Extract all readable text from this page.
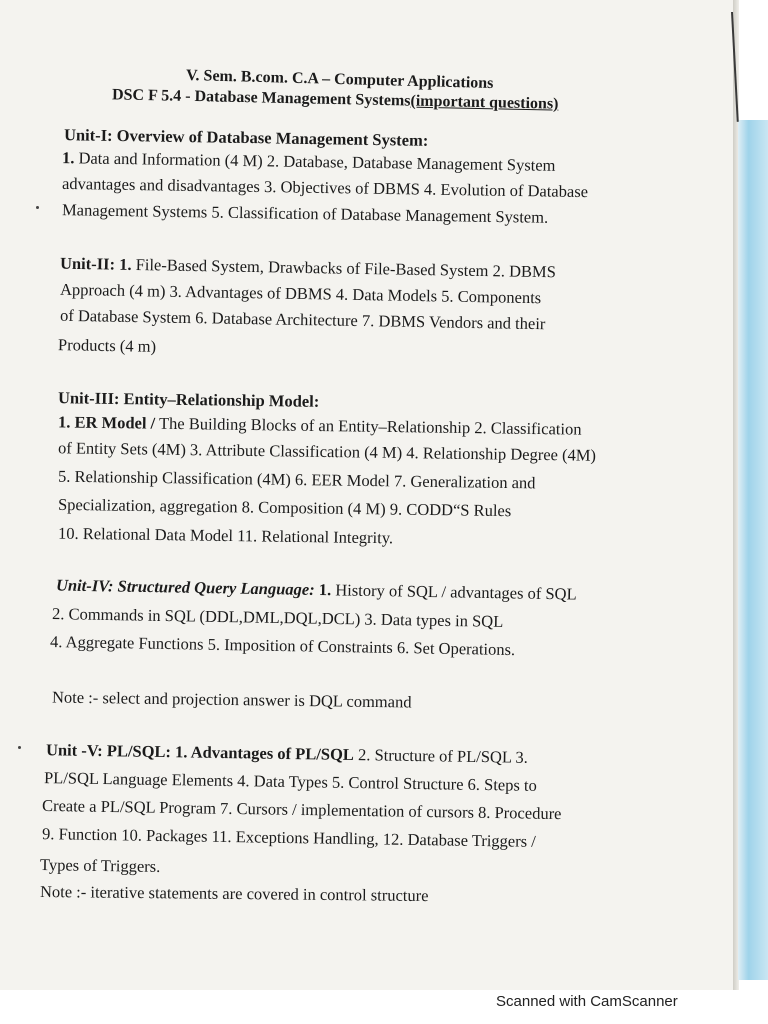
V. Sem. B.com. C.A – Computer Applications
DSC F 5.4 - Database Management Systems(important questions)
Unit-I: Overview of Database Management System:
1. Data and Information (4 M) 2. Database, Database Management System
advantages and disadvantages 3. Objectives of DBMS 4. Evolution of Database
Management Systems 5. Classification of Database Management System.
Unit-II: 1. File-Based System, Drawbacks of File-Based System 2. DBMS
Approach (4 m) 3. Advantages of DBMS 4. Data Models 5. Components
of Database System 6. Database Architecture 7. DBMS Vendors and their
Products (4 m)
Unit-III: Entity–Relationship Model:
1. ER Model / The Building Blocks of an Entity–Relationship 2. Classification
of Entity Sets (4M) 3. Attribute Classification (4 M) 4. Relationship Degree (4M)
5. Relationship Classification (4M) 6. EER Model 7. Generalization and
Specialization, aggregation 8. Composition (4 M) 9. CODD“S Rules
10. Relational Data Model 11. Relational Integrity.
Unit-IV: Structured Query Language: 1. History of SQL / advantages of SQL
2. Commands in SQL (DDL,DML,DQL,DCL) 3. Data types in SQL
4. Aggregate Functions 5. Imposition of Constraints 6. Set Operations.
Note :- select and projection answer is DQL command
Unit -V: PL/SQL: 1. Advantages of PL/SQL 2. Structure of PL/SQL 3.
PL/SQL Language Elements 4. Data Types 5. Control Structure 6. Steps to
Create a PL/SQL Program 7. Cursors / implementation of cursors 8. Procedure
9. Function 10. Packages 11. Exceptions Handling, 12. Database Triggers /
Types of Triggers.
Note :- iterative statements are covered in control structure
Scanned with CamScanner
